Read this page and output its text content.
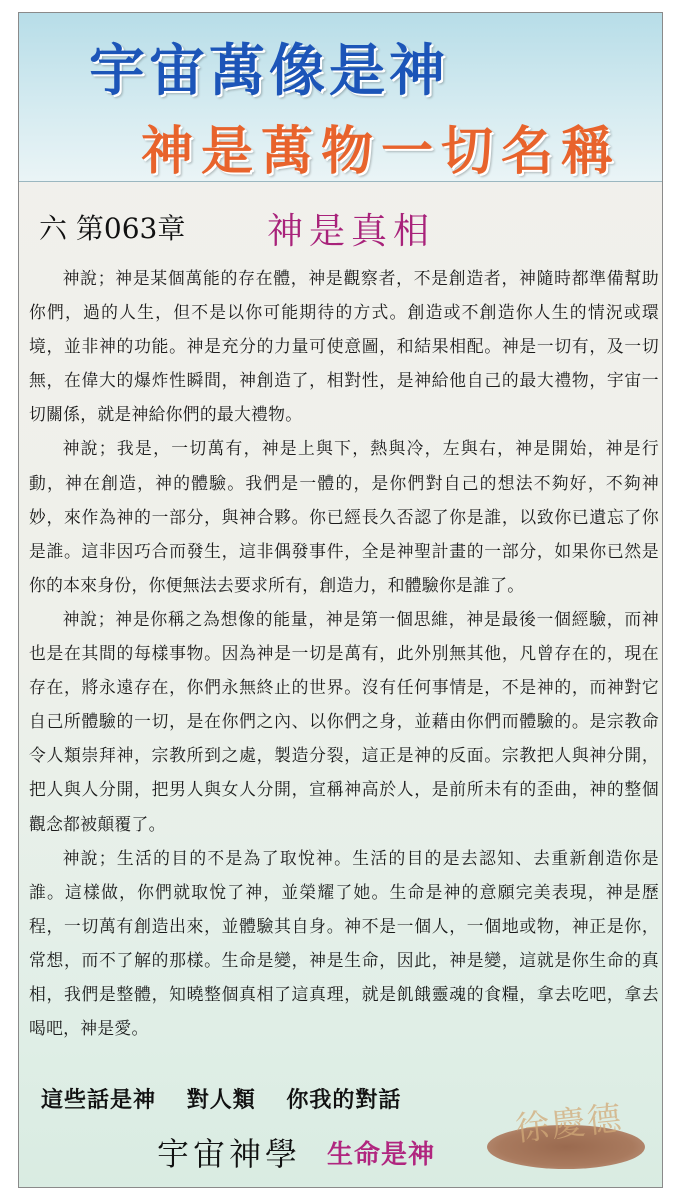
宇宙萬像是神
神是萬物一切名稱
六 第063章 神是真相

神說；神是某個萬能的存在體，神是觀察者，不是創造者，神隨時都準備幫助你們，過的人生，但不是以你可能期待的方式。創造或不創造你人生的情況或環境，並非神的功能。神是充分的力量可使意圖，和結果相配。神是一切有，及一切無，在偉大的爆炸性瞬間，神創造了，相對性，是神給他自己的最大禮物，宇宙一切關係，就是神給你們的最大禮物。

神說；我是，一切萬有，神是上與下，熱與冷，左與右，神是開始，神是行動，神在創造，神的體驗。我們是一體的，是你們對自己的想法不夠好，不夠神妙，來作為神的一部分，與神合夥。你已經長久否認了你是誰，以致你已遺忘了你是誰。這非因巧合而發生，這非偶發事件，全是神聖計畫的一部分，如果你已然是你的本來身份，你便無法去要求所有，創造力，和體驗你是誰了。

神說；神是你稱之為想像的能量，神是第一個思維，神是最後一個經驗，而神也是在其間的每樣事物。因為神是一切是萬有，此外別無其他，凡曾存在的，現在存在，將永遠存在，你們永無終止的世界。沒有任何事情是，不是神的，而神對它自己所體驗的一切，是在你們之內、以你們之身，並藉由你們而體驗的。是宗教命令人類崇拜神，宗教所到之處，製造分裂，這正是神的反面。宗教把人與神分開，把人與人分開，把男人與女人分開，宣稱神高於人，是前所未有的歪曲，神的整個觀念都被顛覆了。

神說；生活的目的不是為了取悅神。生活的目的是去認知、去重新創造你是誰。這樣做，你們就取悅了神，並榮耀了她。生命是神的意願完美表現，神是歷程，一切萬有創造出來，並體驗其自身。神不是一個人，一個地或物，神正是你，常想，而不了解的那樣。生命是變，神是生命，因此，神是變，這就是你生命的真相，我們是整體，知曉整個真相了這真理，就是飢餓靈魂的食糧，拿去吃吧，拿去喝吧，神是愛。

這些話是神 對人類 你我的對話
宇宙神學 生命是神
徐慶德
